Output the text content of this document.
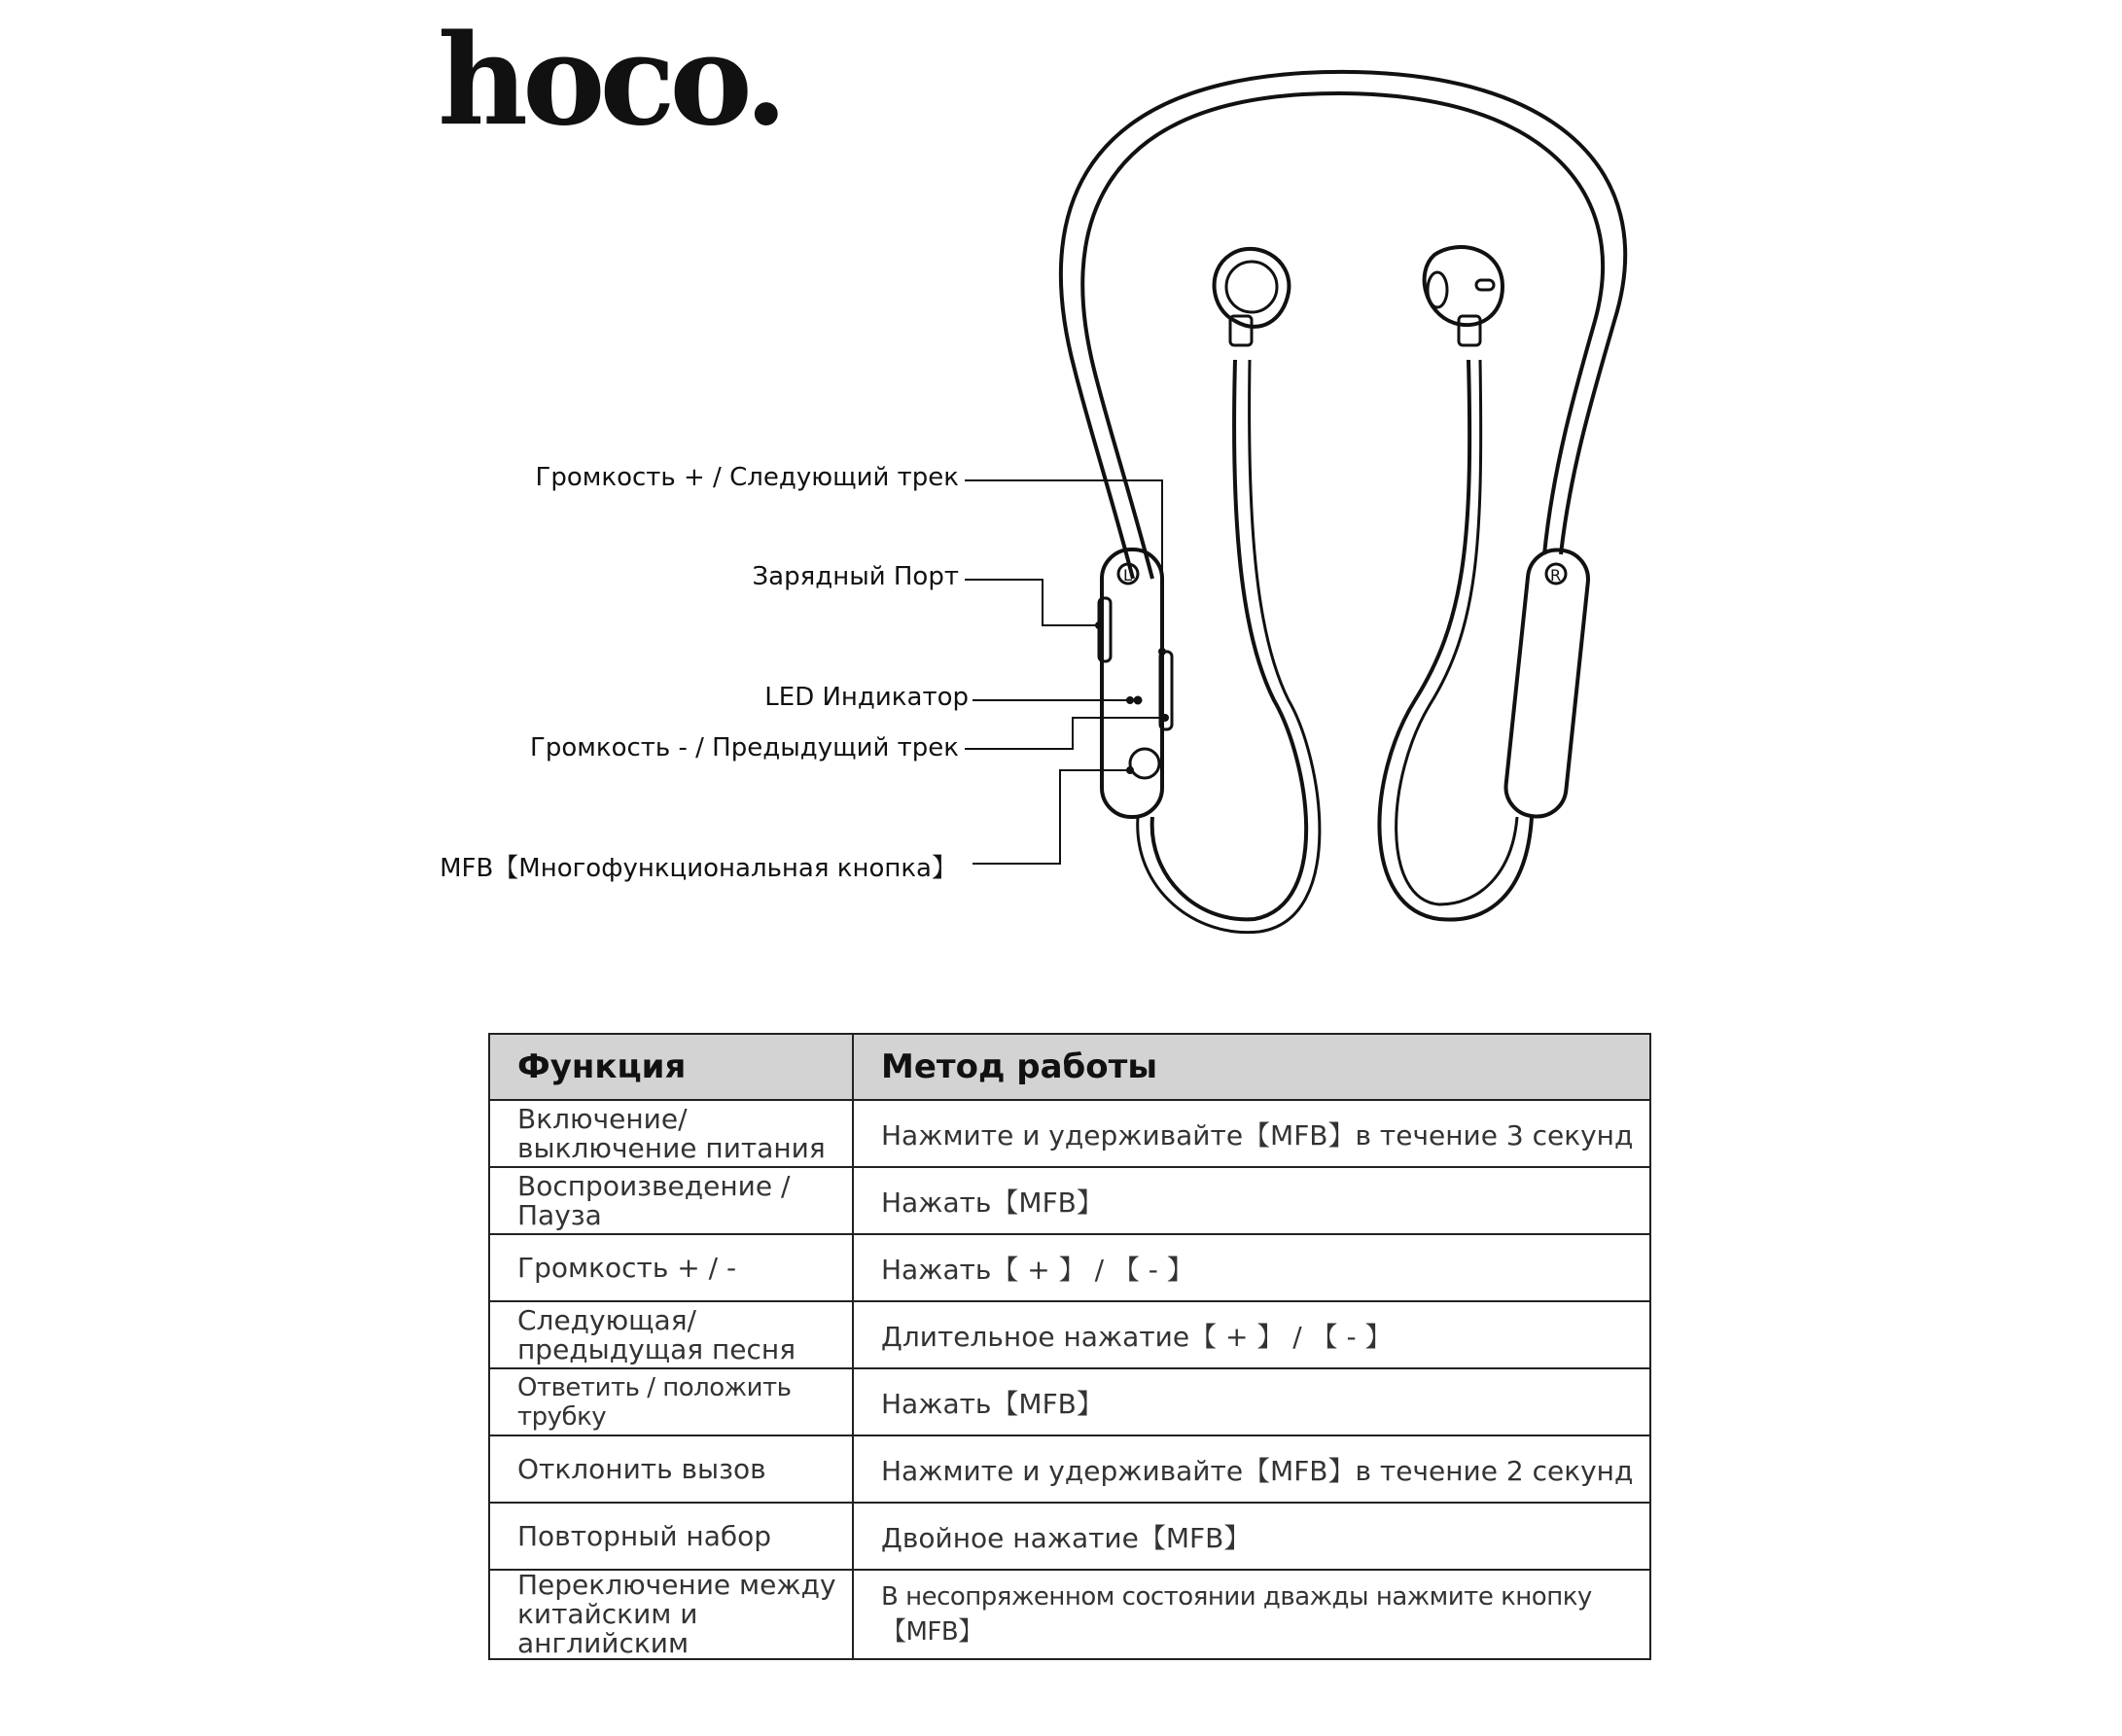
hoco.
L	R
Громкость + / Следующий трек
Зарядный Порт
LED Индикатор
Громкость - / Предыдущий трек
MFB【Многофункциональная кнопка】
Функция	Метод работы
Включение/выключение питания	Нажмите и удерживайте【MFB】в течение 3 секунд
Воспроизведение / Пауза	Нажать【MFB】
Громкость + / -	Нажать【 + 】 / 【 - 】
Следующая/ предыдущая песня	Длительное нажатие【 + 】 / 【 - 】
Ответить / положить трубку	Нажать【MFB】
Отклонить вызов	Нажмите и удерживайте【MFB】в течение 2 секунд
Повторный набор	Двойное нажатие【MFB】
Переключение между китайским и английским	В несопряженном состоянии дважды нажмите кнопку【MFB】
